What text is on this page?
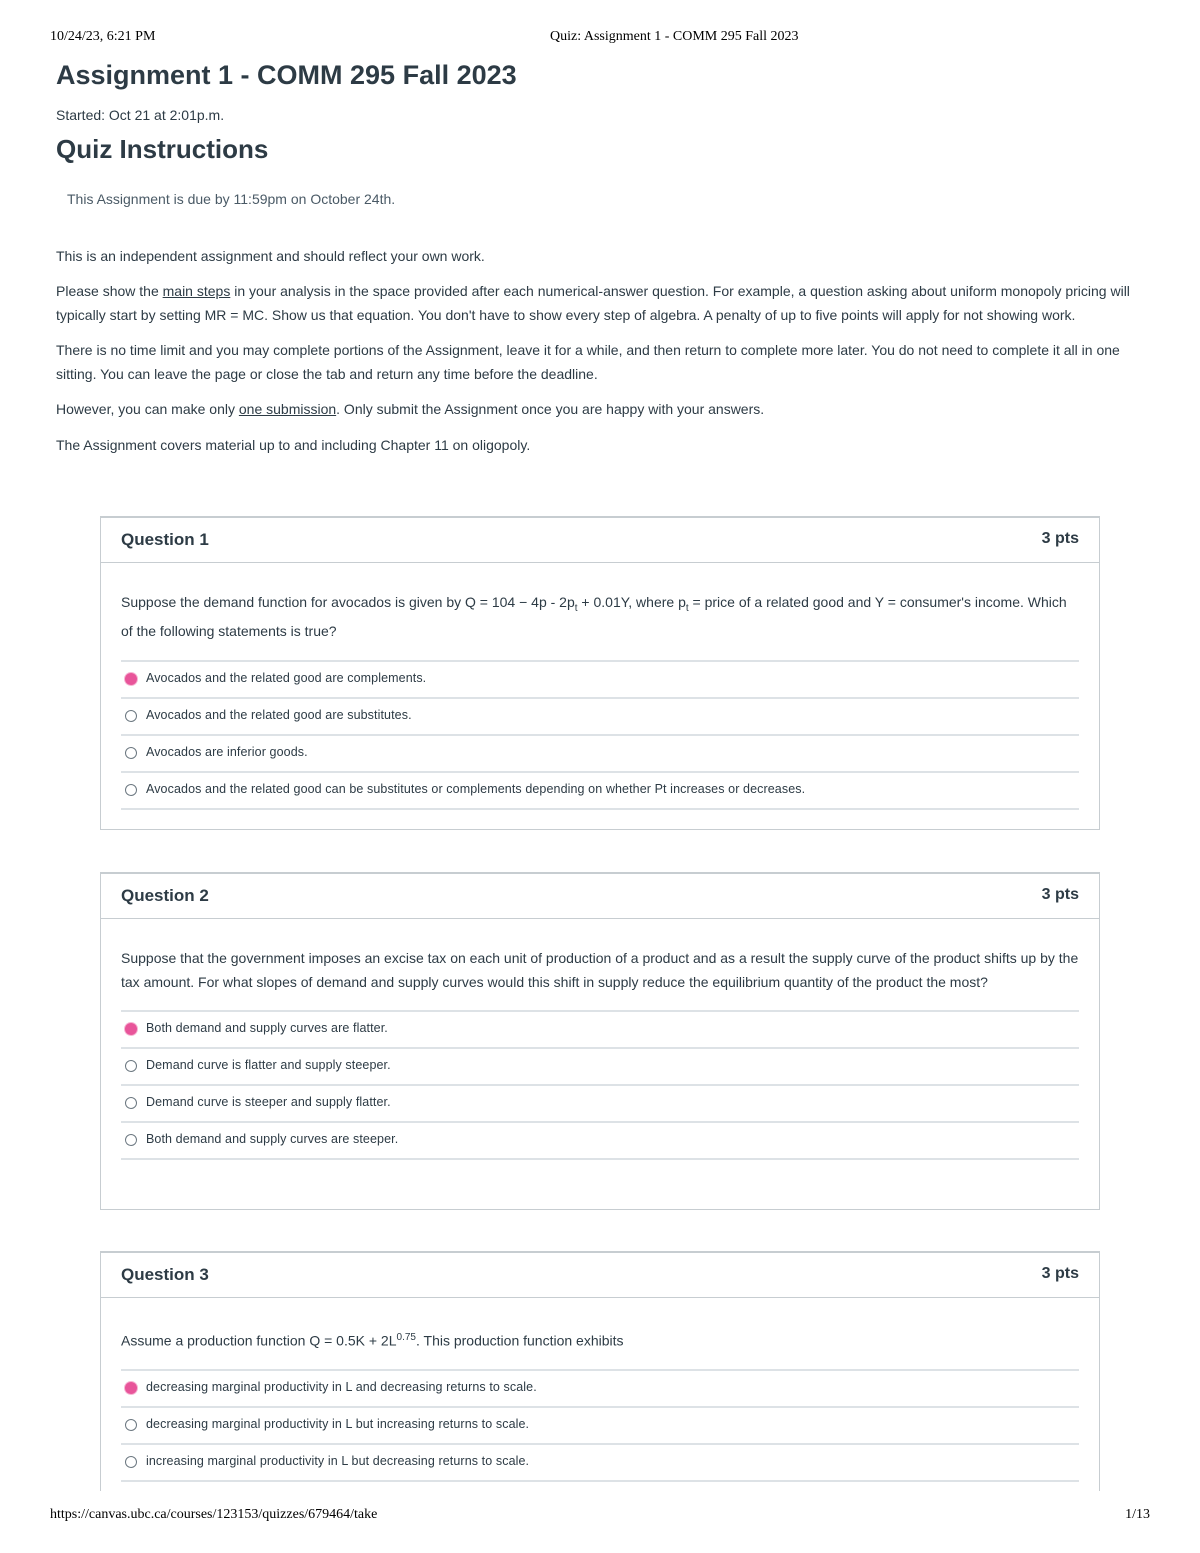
10/24/23, 6:21 PM	Quiz: Assignment 1 - COMM 295 Fall 2023
Assignment 1 - COMM 295 Fall 2023
Started: Oct 21 at 2:01p.m.
Quiz Instructions

This Assignment is due by 11:59pm on October 24th.

This is an independent assignment and should reflect your own work.

Please show the main steps in your analysis in the space provided after each numerical-answer question. For example, a question asking about uniform monopoly pricing will typically start by setting MR = MC. Show us that equation. You don't have to show every step of algebra. A penalty of up to five points will apply for not showing work.

There is no time limit and you may complete portions of the Assignment, leave it for a while, and then return to complete more later. You do not need to complete it all in one sitting. You can leave the page or close the tab and return any time before the deadline.

However, you can make only one submission. Only submit the Assignment once you are happy with your answers.

The Assignment covers material up to and including Chapter 11 on oligopoly.

Question 1	3 pts
Suppose the demand function for avocados is given by $Q = 104 - 4p - 2p_t + 0.01Y$, where $p_t$ = price of a related good and Y = consumer's income. Which of the following statements is true?
Avocados and the related good are complements.
Avocados and the related good are substitutes.
Avocados are inferior goods.
Avocados and the related good can be substitutes or complements depending on whether Pt increases or decreases.
Question 2	3 pts
Suppose that the government imposes an excise tax on each unit of production of a product and as a result the supply curve of the product shifts up by the tax amount. For what slopes of demand and supply curves would this shift in supply reduce the equilibrium quantity of the product the most?
Both demand and supply curves are flatter.
Demand curve is flatter and supply steeper.
Demand curve is steeper and supply flatter.
Both demand and supply curves are steeper.
Question 3	3 pts
Assume a production function $Q = 0.5K + 2L^{0.75}$. This production function exhibits
decreasing marginal productivity in L and decreasing returns to scale.
decreasing marginal productivity in L but increasing returns to scale.
increasing marginal productivity in L but decreasing returns to scale.
https://canvas.ubc.ca/courses/123153/quizzes/679464/take	1/13
